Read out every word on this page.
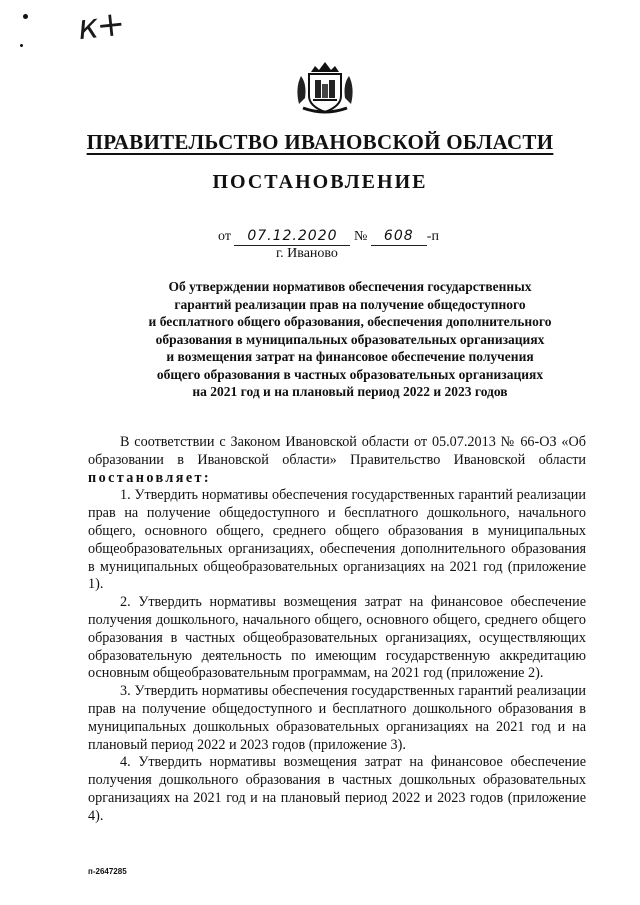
к+
ПРАВИТЕЛЬСТВО ИВАНОВСКОЙ ОБЛАСТИ
ПОСТАНОВЛЕНИЕ
от 07.12.2020 № 608 -п
г. Иваново
Об утверждении нормативов обеспечения государственных
гарантий реализации прав на получение общедоступного
и бесплатного общего образования, обеспечения дополнительного
образования в муниципальных образовательных организациях
и возмещения затрат на финансовое обеспечение получения
общего образования в частных образовательных организациях
на 2021 год и на плановый период 2022 и 2023 годов

В соответствии с Законом Ивановской области от 05.07.2013 № 66-ОЗ «Об образовании в Ивановской области» Правительство Ивановской области постановляет:

1. Утвердить нормативы обеспечения государственных гарантий реализации прав на получение общедоступного и бесплатного дошкольного, начального общего, основного общего, среднего общего образования в муниципальных общеобразовательных организациях, обеспечения дополнительного образования в муниципальных общеобразовательных организациях на 2021 год (приложение 1).

2. Утвердить нормативы возмещения затрат на финансовое обеспечение получения дошкольного, начального общего, основного общего, среднего общего образования в частных общеобразовательных организациях, осуществляющих образовательную деятельность по имеющим государственную аккредитацию основным общеобразовательным программам, на 2021 год (приложение 2).

3. Утвердить нормативы обеспечения государственных гарантий реализации прав на получение общедоступного и бесплатного дошкольного образования в муниципальных дошкольных образовательных организациях на 2021 год и на плановый период 2022 и 2023 годов (приложение 3).

4. Утвердить нормативы возмещения затрат на финансовое обеспечение получения дошкольного образования в частных дошкольных образовательных организациях на 2021 год и на плановый период 2022 и 2023 годов (приложение 4).

п-2647285
